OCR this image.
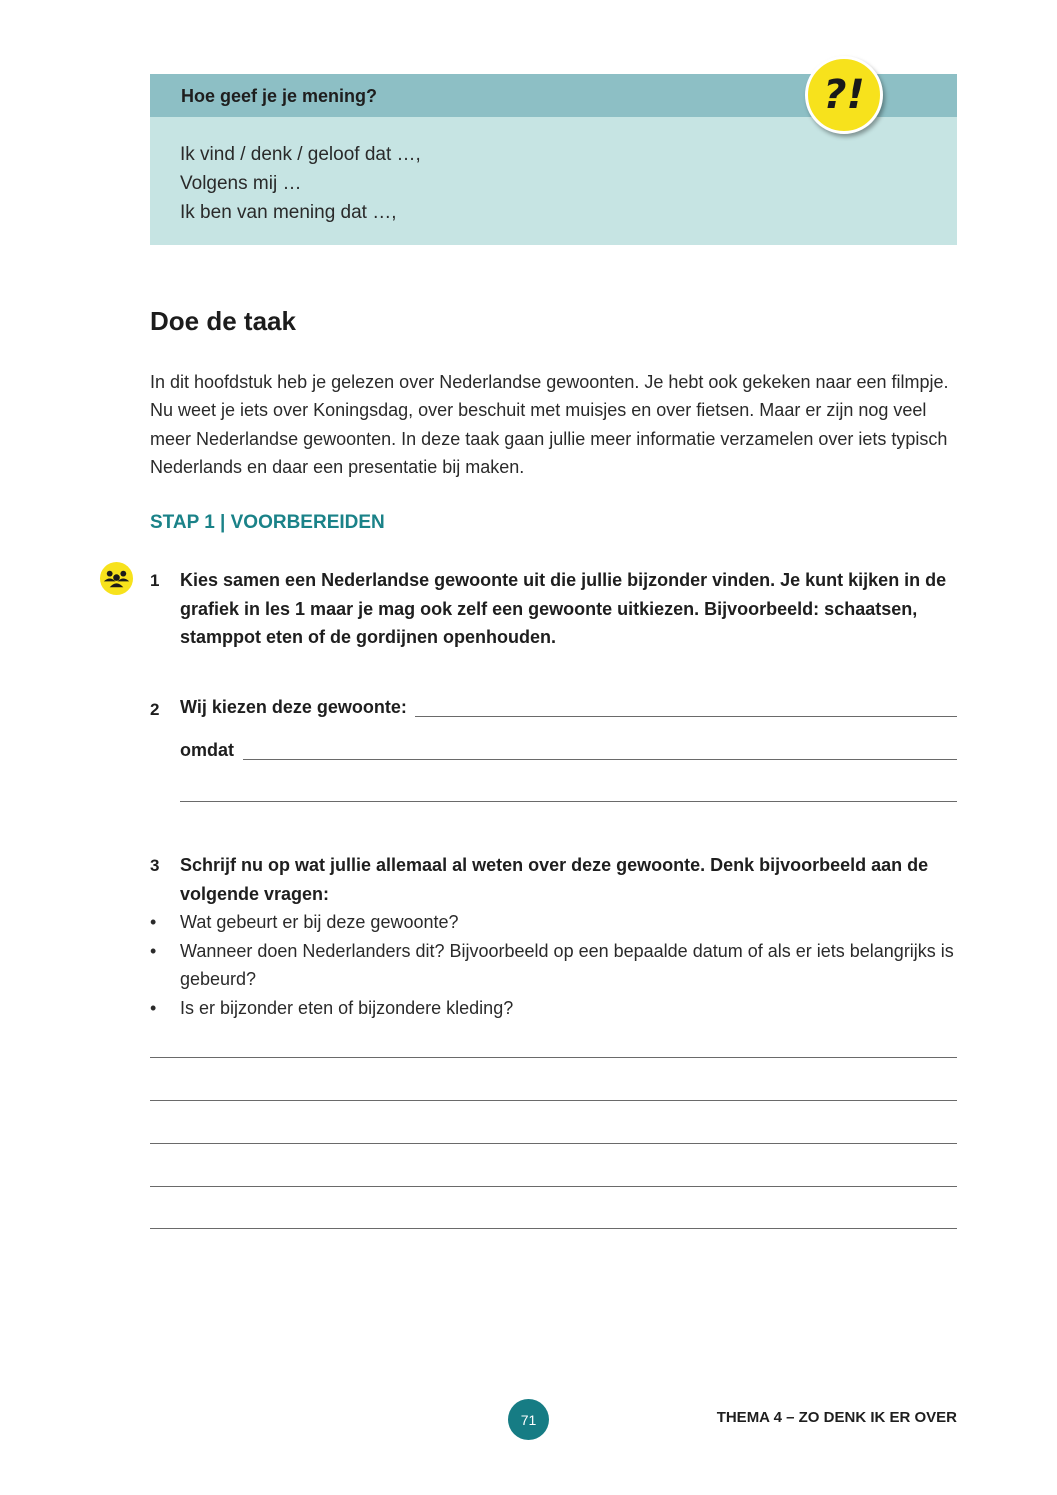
Hoe geef je je mening?
Ik vind / denk / geloof dat …,
Volgens mij …
Ik ben van mening dat …,
?!
Doe de taak
In dit hoofdstuk heb je gelezen over Nederlandse gewoonten. Je hebt ook gekeken naar een filmpje. Nu weet je iets over Koningsdag, over beschuit met muisjes en over fietsen. Maar er zijn nog veel meer Nederlandse gewoonten. In deze taak gaan jullie meer informatie verzamelen over iets typisch Nederlands en daar een presentatie bij maken.
STAP 1 | VOORBEREIDEN
1 Kies samen een Nederlandse gewoonte uit die jullie bijzonder vinden. Je kunt kijken in de grafiek in les 1 maar je mag ook zelf een gewoonte uitkiezen. Bijvoorbeeld: schaatsen, stamppot eten of de gordijnen openhouden.
2 Wij kiezen deze gewoonte:
omdat
3 Schrijf nu op wat jullie allemaal al weten over deze gewoonte. Denk bijvoorbeeld aan de volgende vragen:
• Wat gebeurt er bij deze gewoonte?
• Wanneer doen Nederlanders dit? Bijvoorbeeld op een bepaalde datum of als er iets belangrijks is gebeurd?
• Is er bijzonder eten of bijzondere kleding?
71	THEMA 4 – ZO DENK IK ER OVER
